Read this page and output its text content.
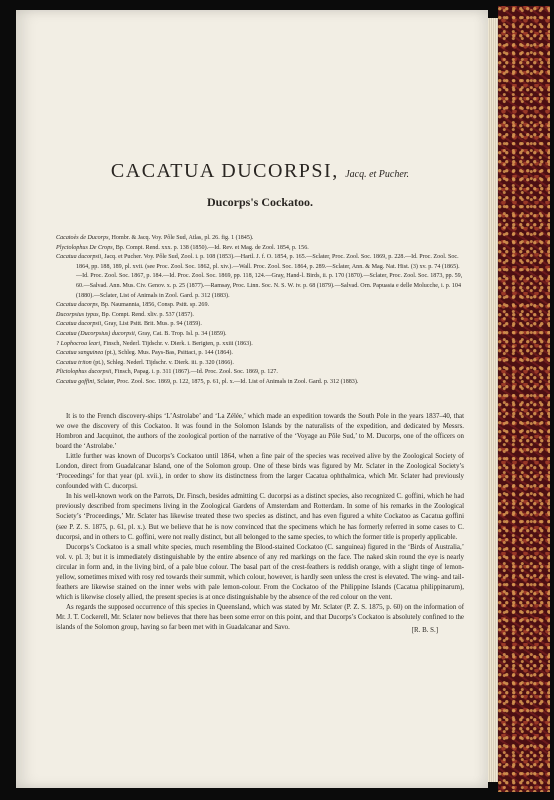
CACATUA DUCORPSI, Jacq. et Pucher.
Ducorps's Cockatoo.
Cacatoès de Ducorps, Hombr. & Jacq. Voy. Pôle Sud, Atlas, pl. 26. fig. 1 (1845).
Plyctolophus De Crops, Bp. Compt. Rend. xxx. p. 138 (1850).—Id. Rev. et Mag. de Zool. 1854, p. 156.
Cacatua ducorpsii, Jacq. et Pucher. Voy. Pôle Sud, Zool. i. p. 108 (1853).—Hartl. J. f. O. 1854, p. 165.—Sclater, Proc. Zool. Soc. 1869, p. 228.—Id. Proc. Zool. Soc. 1864, pp. 188, 189, pl. xvii. (see Proc. Zool. Soc. 1862, pl. xiv.).—Wall. Proc. Zool. Soc. 1864, p. 289.—Sclater, Ann. & Mag. Nat. Hist. (3) xv. p. 74 (1865).—Id. Proc. Zool. Soc. 1867, p. 184.—Id. Proc. Zool. Soc. 1869, pp. 118, 124.—Gray, Hand-l. Birds, ii. p. 170 (1870).—Sclater, Proc. Zool. Soc. 1873, pp. 59, 60.—Salvad. Ann. Mus. Civ. Genov. x. p. 25 (1877).—Ramsay, Proc. Linn. Soc. N. S. W. iv. p. 68 (1879).—Salvad. Orn. Papuasia e delle Molucche, i. p. 104 (1880).—Sclater, List of Animals in Zool. Gard. p. 312 (1883).
Cacatua ducorps, Bp. Naumannia, 1856, Consp. Psitt. sp. 269.
Ducorpsius typus, Bp. Compt. Rend. xliv. p. 537 (1857).
Cacatua ducorpsii, Gray, List Psitt. Brit. Mus. p. 94 (1859).
Cacatua (Ducorpsius) ducorpsii, Gray, Cat. B. Trop. Isl. p. 34 (1859).
? Lophocroa leari, Finsch, Nederl. Tijdschr. v. Dierk. i. Berigten, p. xxiii (1863).
Cacatua sanguinea (pt.), Schleg. Mus. Pays-Bas, Psittaci, p. 144 (1864).
Cacatua triton (pt.), Schleg. Nederl. Tijdschr. v. Dierk. iii. p. 320 (1866).
Plictolophus ducorpsii, Finsch, Papag. i. p. 311 (1867).—Id. Proc. Zool. Soc. 1869, p. 127.
Cacatua goffini, Sclater, Proc. Zool. Soc. 1869, p. 122, 1875, p. 61, pl. x.—Id. List of Animals in Zool. Gard. p. 312 (1883).

It is to the French discovery-ships ‘L’Astrolabe’ and ‘La Zélée,’ which made an expedition towards the South Pole in the years 1837–40, that we owe the discovery of this Cockatoo. It was found in the Solomon Islands by the naturalists of the expedition, and dedicated by Messrs. Hombron and Jacquinot, the authors of the zoological portion of the narrative of the ‘Voyage au Pôle Sud,’ to M. Ducorps, one of the officers on board the ‘Astrolabe.’

Little further was known of Ducorps’s Cockatoo until 1864, when a fine pair of the species was received alive by the Zoological Society of London, direct from Guadalcanar Island, one of the Solomon group. One of these birds was figured by Mr. Sclater in the Zoological Society’s ‘Proceedings’ for that year (pl. xvii.), in order to show its distinctness from the larger Cacatua ophthalmica, which Mr. Sclater had previously confounded with C. ducorpsi.

In his well-known work on the Parrots, Dr. Finsch, besides admitting C. ducorpsi as a distinct species, also recognized C. goffini, which he had previously described from specimens living in the Zoological Gardens of Amsterdam and Rotterdam. In some of his remarks in the Zoological Society’s ‘Proceedings,’ Mr. Sclater has likewise treated these two species as distinct, and has even figured a white Cockatoo as Cacatua goffini (see P. Z. S. 1875, p. 61, pl. x.). But we believe that he is now convinced that the specimens which he has formerly referred in some cases to C. ducorpsi, and in others to C. goffini, were not really distinct, but all belonged to the same species, to which the former title is properly applicable.

Ducorps’s Cockatoo is a small white species, much resembling the Blood-stained Cockatoo (C. sanguinea) figured in the ‘Birds of Australia,’ vol. v. pl. 3; but it is immediately distinguishable by the entire absence of any red markings on the face. The naked skin round the eye is nearly circular in form and, in the living bird, of a pale blue colour. The basal part of the crest-feathers is reddish orange, with a slight tinge of lemon-yellow, sometimes mixed with rosy red towards their summit, which colour, however, is hardly seen unless the crest is elevated. The wing- and tail-feathers are likewise stained on the inner webs with pale lemon-colour. From the Cockatoo of the Philippine Islands (Cacatua philippinarum), which is likewise closely allied, the present species is at once distinguishable by the absence of the red colour on the vent.

As regards the supposed occurrence of this species in Queensland, which was stated by Mr. Sclater (P. Z. S. 1875, p. 60) on the information of Mr. J. T. Cockerell, Mr. Sclater now believes that there has been some error on this point, and that Ducorps’s Cockatoo is absolutely confined to the islands of the Solomon group, having so far been met with in Guadalcanar and Savo.	[R. B. S.]
